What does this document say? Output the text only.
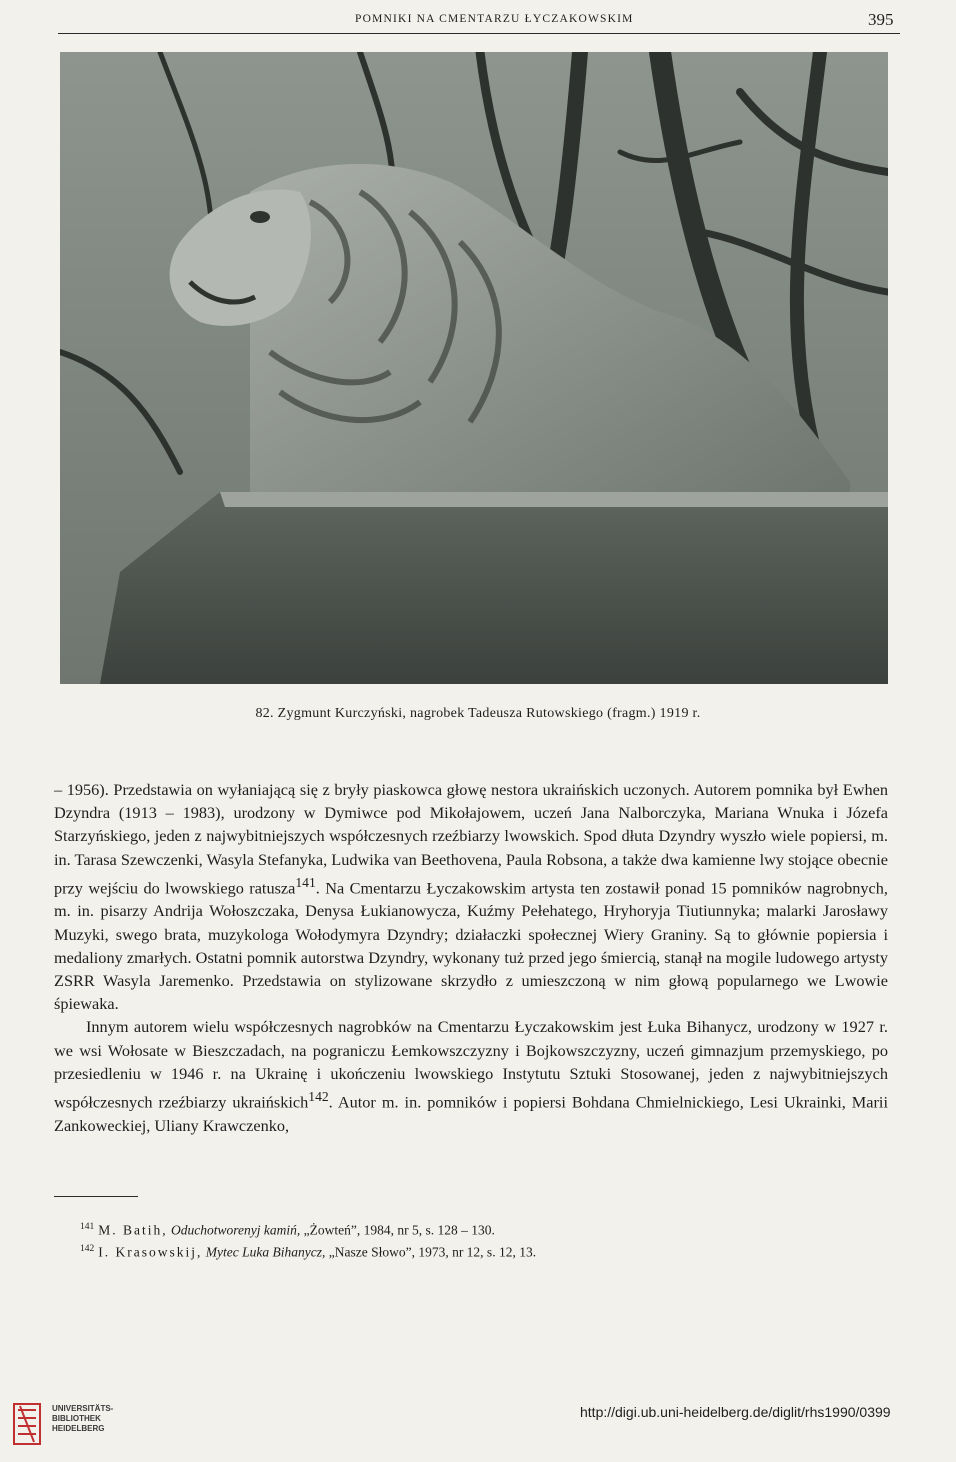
POMNIKI NA CMENTARZU ŁYCZAKOWSKIM	395
82. Zygmunt Kurczyński, nagrobek Tadeusza Rutowskiego (fragm.) 1919 r.

– 1956). Przedstawia on wyłaniającą się z bryły piaskowca głowę nestora ukraińskich uczonych. Autorem pomnika był Ewhen Dzyndra (1913 – 1983), urodzony w Dymiwce pod Mikołajowem, uczeń Jana Nalborczyka, Mariana Wnuka i Józefa Starzyńskiego, jeden z najwybitniejszych współczesnych rzeźbiarzy lwowskich. Spod dłuta Dzyndry wyszło wiele popiersi, m. in. Tarasa Szewczenki, Wasyla Stefanyka, Ludwika van Beethovena, Paula Robsona, a także dwa kamienne lwy stojące obecnie przy wejściu do lwowskiego ratusza$^{141}$. Na Cmentarzu Łyczakowskim artysta ten zostawił ponad 15 pomników nagrobnych, m. in. pisarzy Andrija Wołoszczaka, Denysa Łukianowycza, Kuźmy Pełehatego, Hryhoryja Tiutiunnyka; malarki Jarosławy Muzyki, swego brata, muzykologa Wołodymyra Dzyndry; działaczki społecznej Wiery Graniny. Są to głównie popiersia i medaliony zmarłych. Ostatni pomnik autorstwa Dzyndry, wykonany tuż przed jego śmiercią, stanął na mogile ludowego artysty ZSRR Wasyla Jaremenko. Przedstawia on stylizowane skrzydło z umieszczoną w nim głową popularnego we Lwowie śpiewaka.

Innym autorem wielu współczesnych nagrobków na Cmentarzu Łyczakowskim jest Łuka Bihanycz, urodzony w 1927 r. we wsi Wołosate w Bieszczadach, na pograniczu Łemkowszczyzny i Bojkowszczyzny, uczeń gimnazjum przemyskiego, po przesiedleniu w 1946 r. na Ukrainę i ukończeniu lwowskiego Instytutu Sztuki Stosowanej, jeden z najwybitniejszych współczesnych rzeźbiarzy ukraińskich$^{142}$. Autor m. in. pomników i popiersi Bohdana Chmielnickiego, Lesi Ukrainki, Marii Zankoweckiej, Uliany Krawczenko,

$^{141}$ M. Batih, Oduchotworenyj kamiń, „Żowteń”, 1984, nr 5, s. 128 – 130.
$^{142}$ I. Krasowskij, Mytec Luka Bihanycz, „Nasze Słowo”, 1973, nr 12, s. 12, 13.
UNIVERSITÄTS-
BIBLIOTHEK
HEIDELBERG
http://digi.ub.uni-heidelberg.de/diglit/rhs1990/0399
